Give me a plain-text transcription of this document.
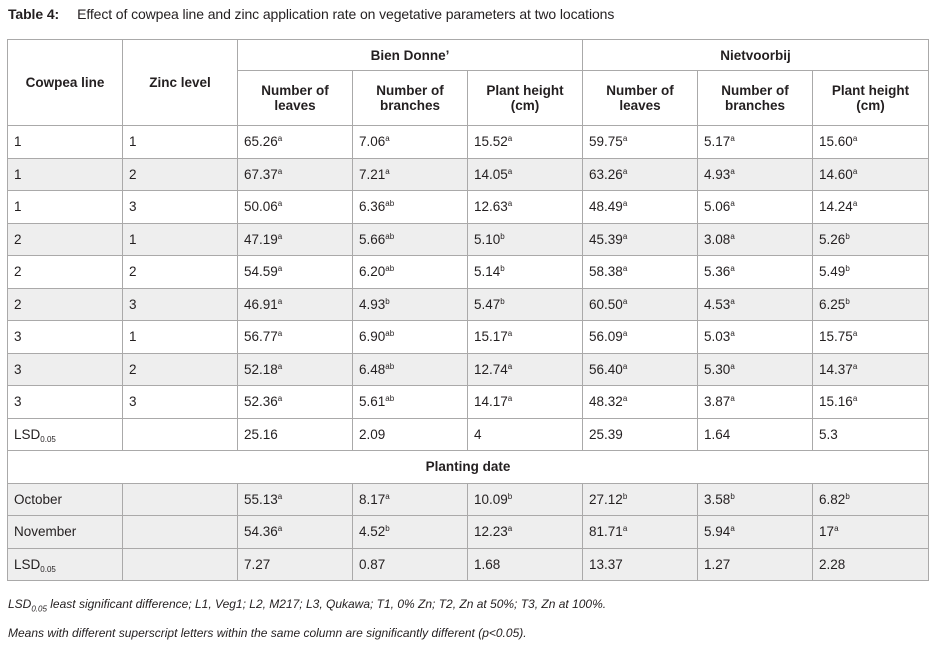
Table 4: Effect of cowpea line and zinc application rate on vegetative parameters at two locations
Cowpea line	Zinc level	Bien Donne’			Nietvoorbij		
		Number of leaves	Number of branches	Plant height (cm)	Number of leaves	Number of branches	Plant height (cm)
1	1	65.26$^a$	7.06$^a$	15.52$^a$	59.75$^a$	5.17$^a$	15.60$^a$
1	2	67.37$^a$	7.21$^a$	14.05$^a$	63.26$^a$	4.93$^a$	14.60$^a$
1	3	50.06$^a$	6.36$^{ab}$	12.63$^a$	48.49$^a$	5.06$^a$	14.24$^a$
2	1	47.19$^a$	5.66$^{ab}$	5.10$^b$	45.39$^a$	3.08$^a$	5.26$^b$
2	2	54.59$^a$	6.20$^{ab}$	5.14$^b$	58.38$^a$	5.36$^a$	5.49$^b$
2	3	46.91$^a$	4.93$^b$	5.47$^b$	60.50$^a$	4.53$^a$	6.25$^b$
3	1	56.77$^a$	6.90$^{ab}$	15.17$^a$	56.09$^a$	5.03$^a$	15.75$^a$
3	2	52.18$^a$	6.48$^{ab}$	12.74$^a$	56.40$^a$	5.30$^a$	14.37$^a$
3	3	52.36$^a$	5.61$^{ab}$	14.17$^a$	48.32$^a$	3.87$^a$	15.16$^a$
$LSD_{0.05}$		25.16	2.09	4	25.39	1.64	5.3
Planting date							
October		55.13$^a$	8.17$^a$	10.09$^b$	27.12$^b$	3.58$^b$	6.82$^b$
November		54.36$^a$	4.52$^b$	12.23$^a$	81.71$^a$	5.94$^a$	17$^a$
$LSD_{0.05}$		7.27	0.87	1.68	13.37	1.27	2.28
$LSD_{0.05}$ least significant difference; L1, Veg1; L2, M217; L3, Qukawa; T1, 0% Zn; T2, Zn at 50%; T3, Zn at 100%.
Means with different superscript letters within the same column are significantly different (p<0.05).
